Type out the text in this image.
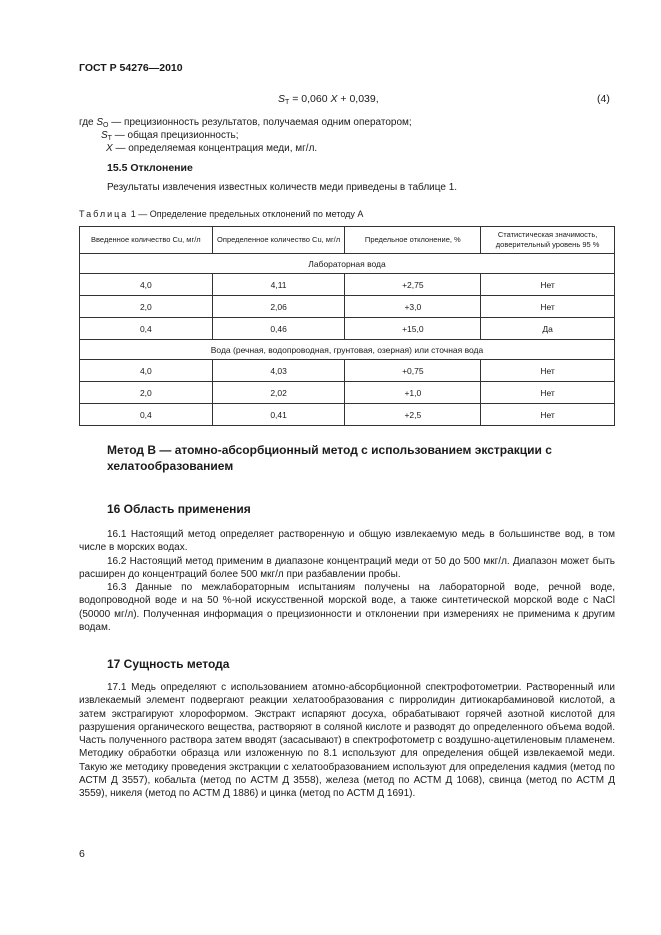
ГОСТ Р 54276—2010
$S_T = 0,060$ X + 0,039,	(4)
где $S_O$ — прецизионность результатов, получаемая одним оператором;
$S_T$ — общая прецизионность;
X — определяемая концентрация меди, мг/л.
15.5 Отклонение
Результаты извлечения известных количеств меди приведены в таблице 1.
Таблица 1 — Определение предельных отклонений по методу А
Введенное количество Cu, мг/л	Определенное количество Cu, мг/л	Предельное отклонение, %	Статистическая значимость, доверительный уровень 95 %
Лабораторная вода			
4,0	4,11	+2,75	Нет
2,0	2,06	+3,0	Нет
0,4	0,46	+15,0	Да
Вода (речная, водопроводная, грунтовая, озерная) или сточная вода			
4,0	4,03	+0,75	Нет
2,0	2,02	+1,0	Нет
0,4	0,41	+2,5	Нет
Метод В — атомно-абсорбционный метод с использованием экстракции с хелатообразованием
16 Область применения

16.1 Настоящий метод определяет растворенную и общую извлекаемую медь в большинстве вод, в том числе в морских водах.

16.2 Настоящий метод применим в диапазоне концентраций меди от 50 до 500 мкг/л. Диапазон может быть расширен до концентраций более 500 мкг/л при разбавлении пробы.

16.3 Данные по межлабораторным испытаниям получены на лабораторной воде, речной воде, водопроводной воде и на 50 %-ной искусственной морской воде, а также синтетической морской воде с NaCl (50000 мг/л). Полученная информация о прецизионности и отклонении при измерениях не применима к другим водам.

17 Сущность метода

17.1 Медь определяют с использованием атомно-абсорбционной спектрофотометрии. Растворенный или извлекаемый элемент подвергают реакции хелатообразования с пирролидин дитиокарбаминовой кислотой, а затем экстрагируют хлороформом. Экстракт испаряют досуха, обрабатывают горячей азотной кислотой для разрушения органического вещества, растворяют в соляной кислоте и разводят до определенного объема водой. Часть полученного раствора затем вводят (засасывают) в спектрофотометр с воздушно-ацетиленовым пламенем. Методику обработки образца или изложенную по 8.1 используют для определения общей извлекаемой меди. Такую же методику проведения экстракции с хелатообразованием используют для определения кадмия (метод по АСТМ Д 3557), кобальта (метод по АСТМ Д 3558), железа (метод по АСТМ Д 1068), свинца (метод по АСТМ Д 3559), никеля (метод по АСТМ Д 1886) и цинка (метод по АСТМ Д 1691).

6
